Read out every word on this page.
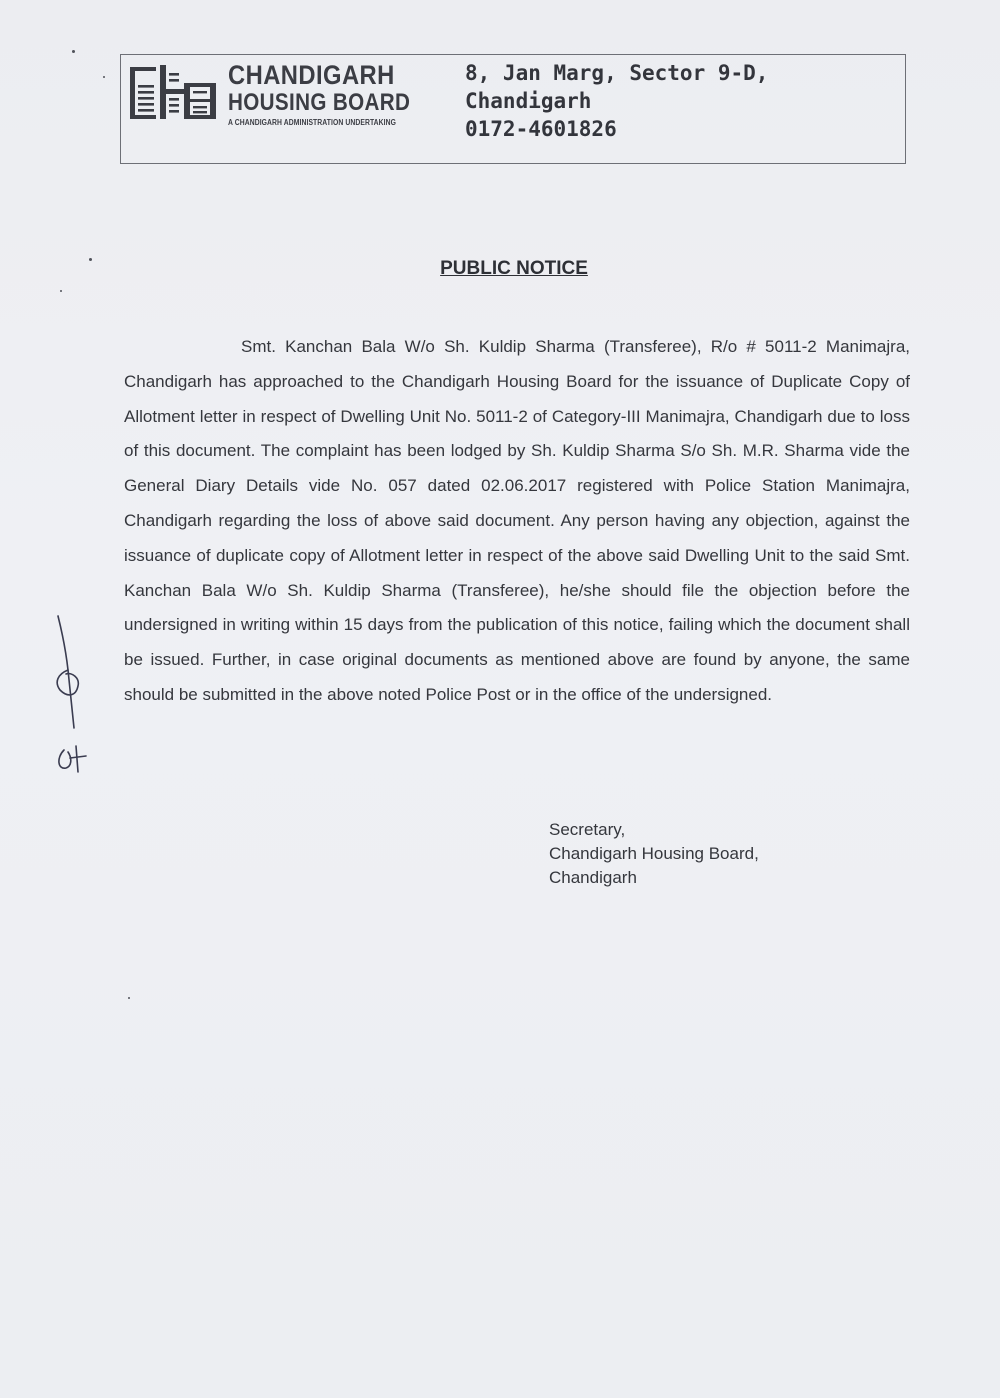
CHANDIGARH
HOUSING BOARD
A CHANDIGARH ADMINISTRATION UNDERTAKING
8, Jan Marg, Sector 9-D,
Chandigarh
0172-4601826
PUBLIC NOTICE

Smt. Kanchan Bala W/o Sh. Kuldip Sharma (Transferee), R/o # 5011-2 Manimajra, Chandigarh has approached to the Chandigarh Housing Board for the issuance of Duplicate Copy of Allotment letter in respect of Dwelling Unit No. 5011-2 of Category-III Manimajra, Chandigarh due to loss of this document. The complaint has been lodged by Sh. Kuldip Sharma S/o Sh. M.R. Sharma vide the General Diary Details vide No. 057 dated 02.06.2017 registered with Police Station Manimajra, Chandigarh regarding the loss of above said document. Any person having any objection, against the issuance of duplicate copy of Allotment letter in respect of the above said Dwelling Unit to the said Smt. Kanchan Bala W/o Sh. Kuldip Sharma (Transferee), he/she should file the objection before the undersigned in writing within 15 days from the publication of this notice, failing which the document shall be issued. Further, in case original documents as mentioned above are found by anyone, the same should be submitted in the above noted Police Post or in the office of the undersigned.

Secretary,
Chandigarh Housing Board,
Chandigarh
